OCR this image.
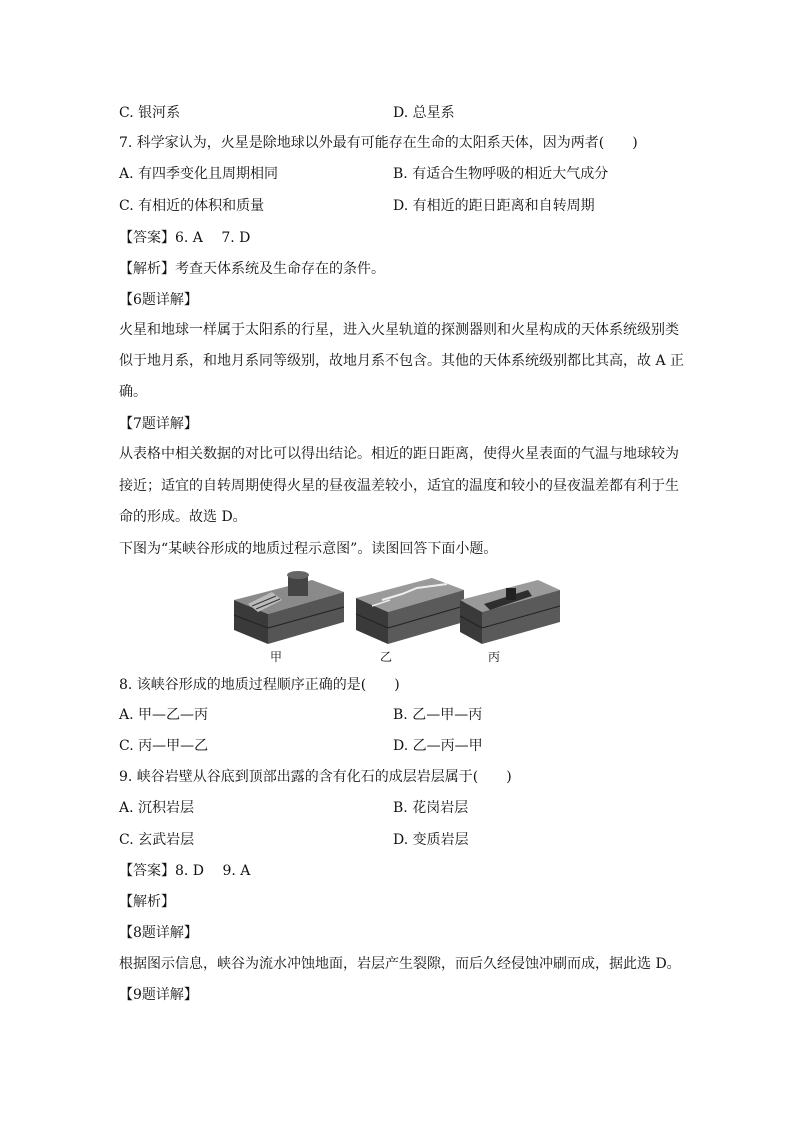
C. 银河系	D. 总星系
7. 科学家认为，火星是除地球以外最有可能存在生命的太阳系天体，因为两者(　　)
A. 有四季变化且周期相同	B. 有适合生物呼吸的相近大气成分
C. 有相近的体积和质量	D. 有相近的距日距离和自转周期
【答案】6. A　 7. D
【解析】考查天体系统及生命存在的条件。
【6题详解】
火星和地球一样属于太阳系的行星，进入火星轨道的探测器则和火星构成的天体系统级别类
似于地月系，和地月系同等级别，故地月系不包含。其他的天体系统级别都比其高，故 A 正
确。
【7题详解】
从表格中相关数据的对比可以得出结论。相近的距日距离，使得火星表面的气温与地球较为
接近；适宜的自转周期使得火星的昼夜温差较小，适宜的温度和较小的昼夜温差都有利于生
命的形成。故选 D。
下图为“某峡谷形成的地质过程示意图”。读图回答下面小题。
甲	乙	丙
8. 该峡谷形成的地质过程顺序正确的是(　　)
A. 甲—乙—丙	B. 乙—甲—丙
C. 丙—甲—乙	D. 乙—丙—甲
9. 峡谷岩壁从谷底到顶部出露的含有化石的成层岩层属于(　　)
A. 沉积岩层	B. 花岗岩层
C. 玄武岩层	D. 变质岩层
【答案】8. D　 9. A
【解析】
【8题详解】
根据图示信息，峡谷为流水冲蚀地面，岩层产生裂隙，而后久经侵蚀冲刷而成，据此选 D。
【9题详解】
